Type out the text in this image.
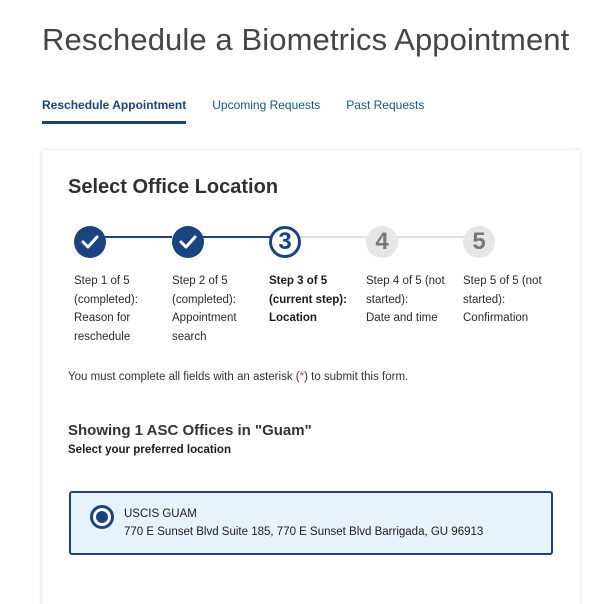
Reschedule a Biometrics Appointment
Reschedule Appointment Upcoming Requests Past Requests
Select Office Location
3	4	5
Step 1 of 5
(completed):
Reason for
reschedule
Step 2 of 5
(completed):
Appointment
search
Step 3 of 5
(current step):
Location
Step 4 of 5 (not
started):
Date and time
Step 5 of 5 (not
started):
Confirmation

You must complete all fields with an asterisk (*) to submit this form.

Showing 1 ASC Offices in "Guam"

Select your preferred location

USCIS GUAM
770 E Sunset Blvd Suite 185, 770 E Sunset Blvd Barrigada, GU 96913
